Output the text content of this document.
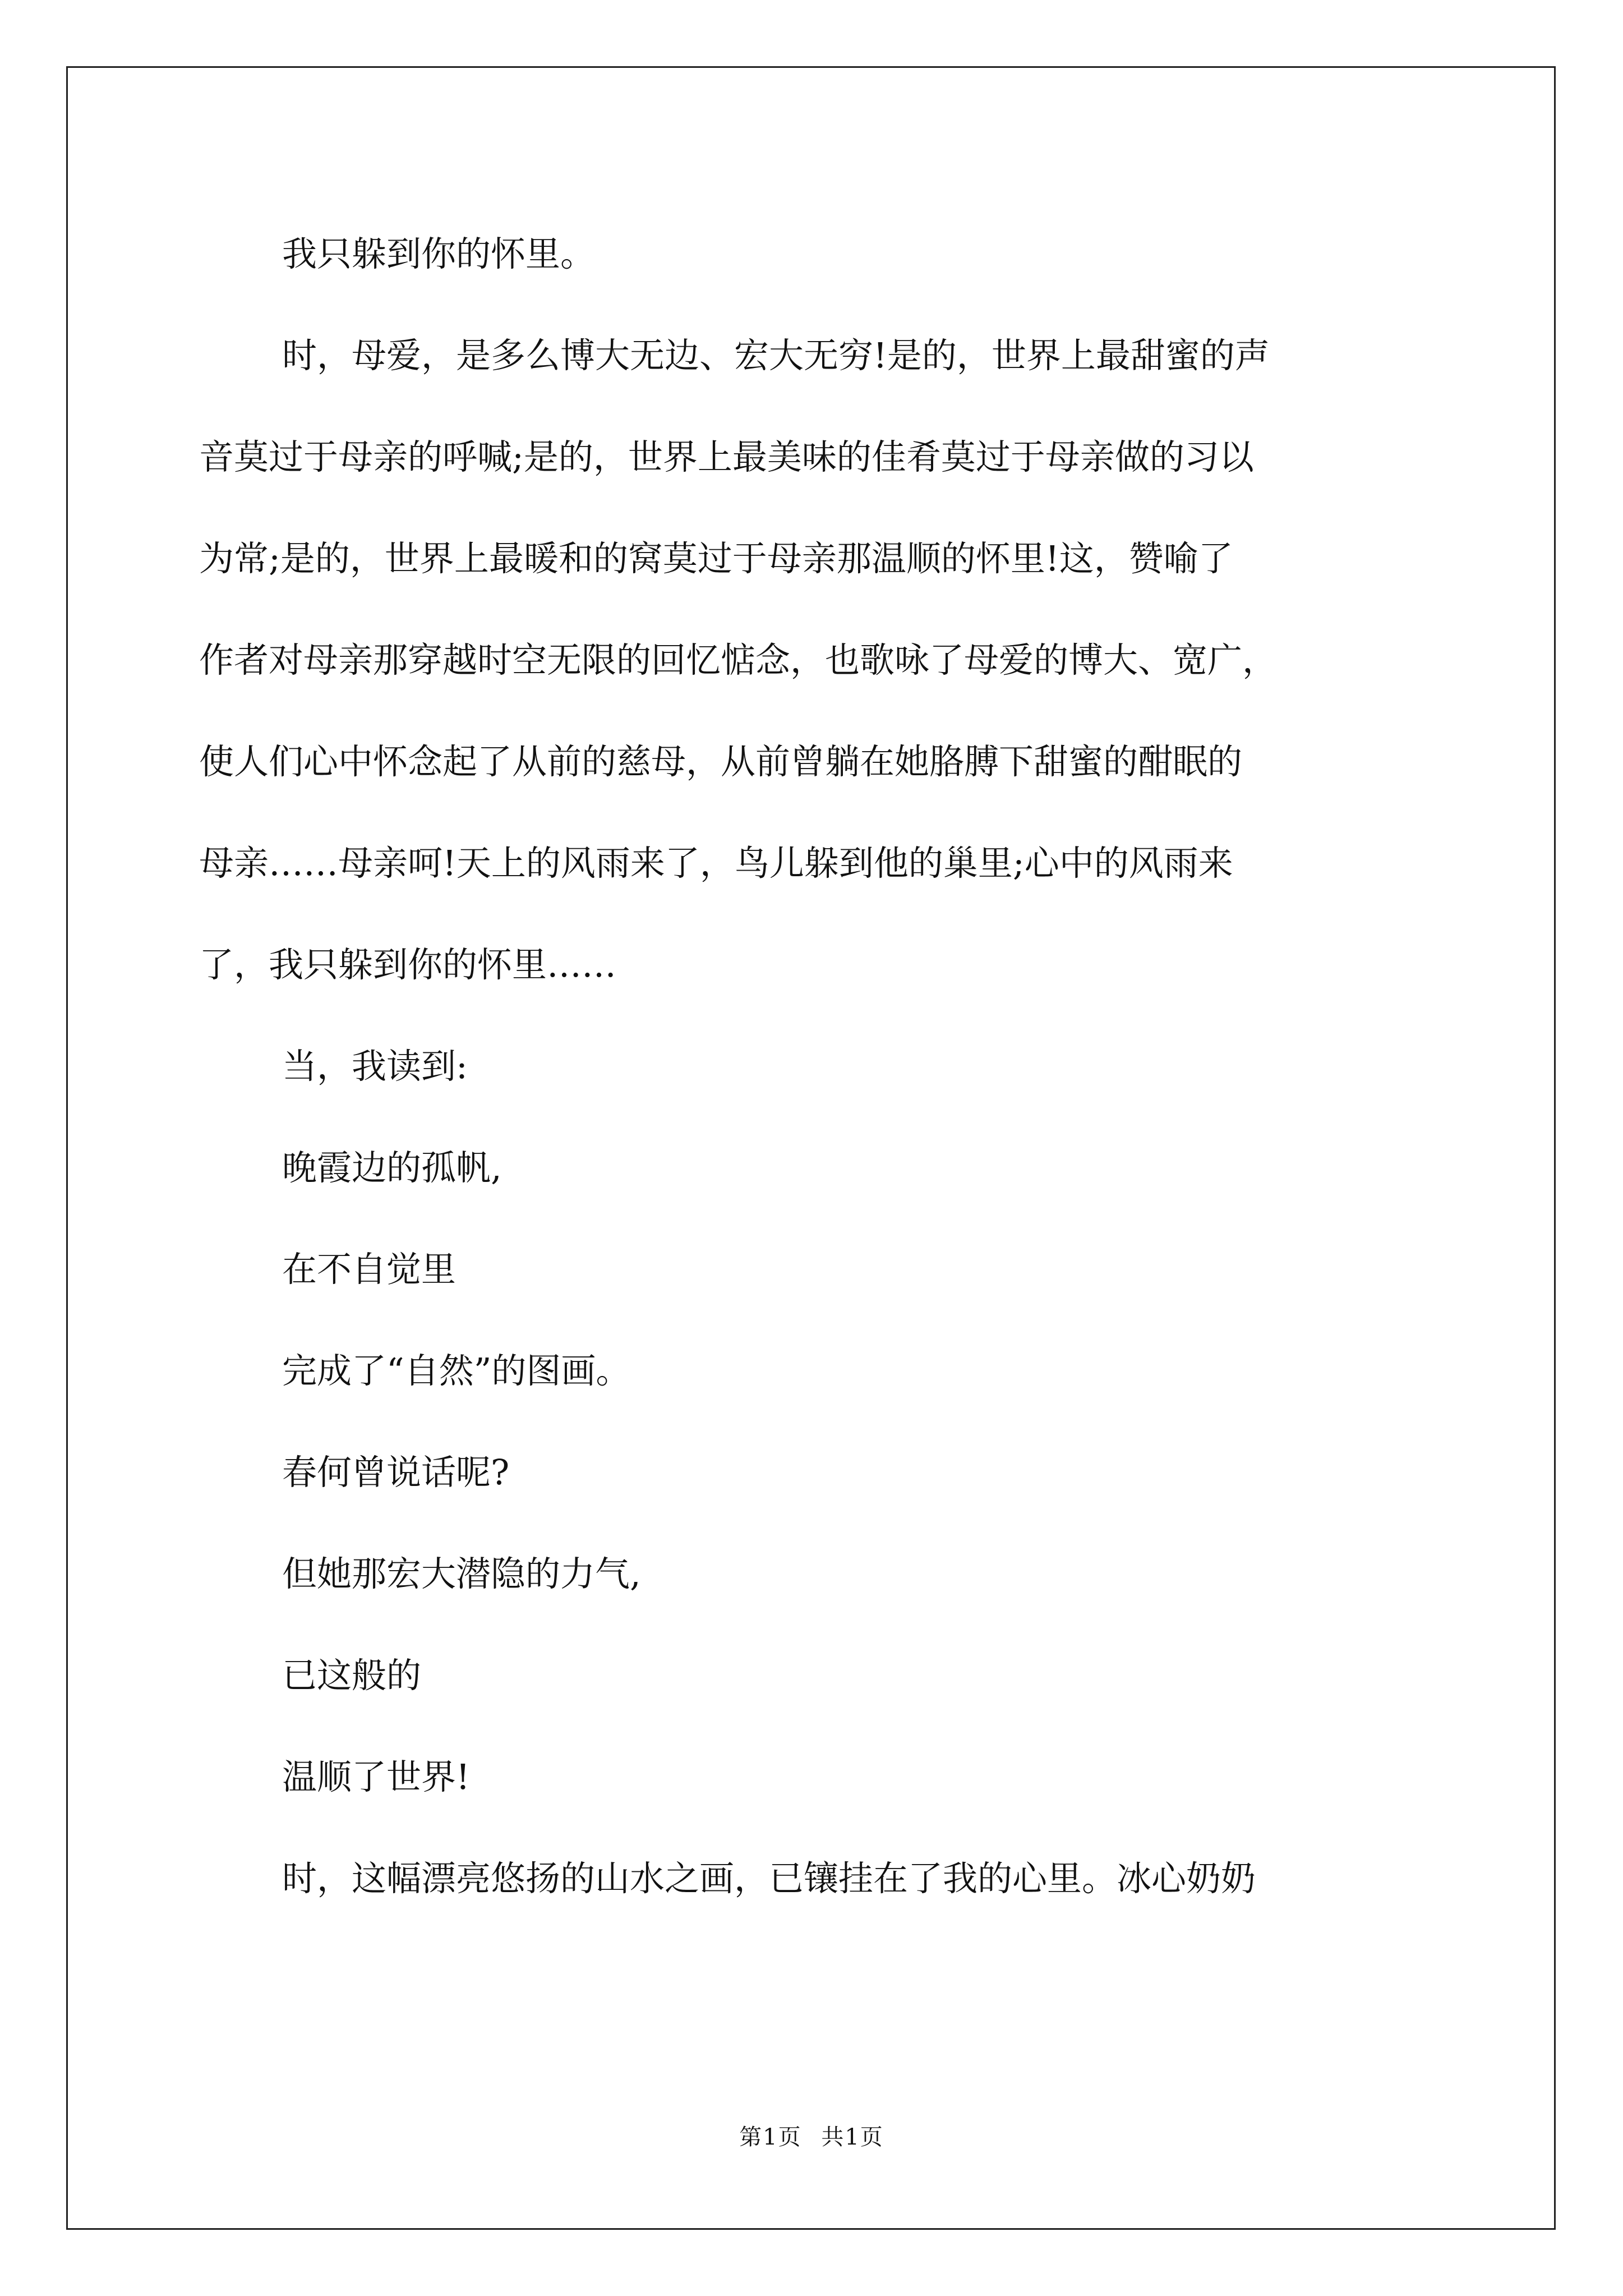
我只躲到你的怀里。

时，母爱，是多么博大无边、宏大无穷!是的，世界上最甜蜜的声

音莫过于母亲的呼喊;是的，世界上最美味的佳肴莫过于母亲做的习以

为常;是的，世界上最暖和的窝莫过于母亲那温顺的怀里!这，赞喻了

作者对母亲那穿越时空无限的回忆惦念，也歌咏了母爱的博大、宽广，

使人们心中怀念起了从前的慈母，从前曾躺在她胳膊下甜蜜的酣眠的

母亲……母亲呵!天上的风雨来了，鸟儿躲到他的巢里;心中的风雨来

了，我只躲到你的怀里……

当，我读到:

晚霞边的孤帆,

在不自觉里

完成了“自然”的图画。

春何曾说话呢?

但她那宏大潜隐的力气,

已这般的

温顺了世界!

时，这幅漂亮悠扬的山水之画，已镶挂在了我的心里。冰心奶奶

第1页 共1页
